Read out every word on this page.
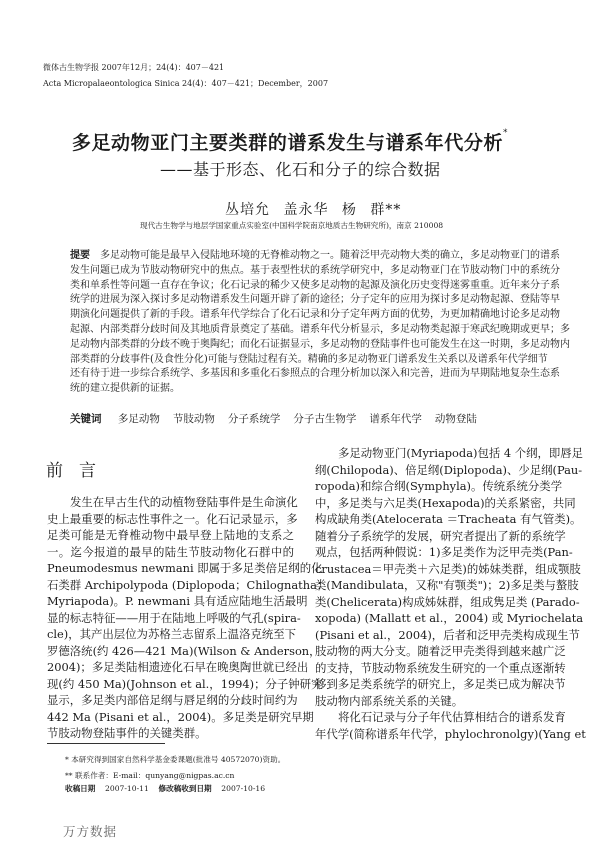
微体古生物学报 2007年12月；24(4)：407－421
Acta Micropalaeontologica Sinica 24(4)：407－421；December，2007
多足动物亚门主要类群的谱系发生与谱系年代分析*
——基于形态、化石和分子的综合数据
丛培允 盖永华 杨 群**
现代古生物学与地层学国家重点实验室(中国科学院南京地质古生物研究所)，南京 210008
提要  多足动物可能是最早入侵陆地环境的无脊椎动物之一。随着泛甲壳动物大类的确立，多足动物亚门的谱系
发生问题已成为节肢动物研究中的焦点。基于表型性状的系统学研究中，多足动物亚门在节肢动物门中的系统分
类和单系性等问题一直存在争议；化石记录的稀少又使多足动物的起源及演化历史变得迷雾重重。近年来分子系
统学的进展为深入探讨多足动物谱系发生问题开辟了新的途径；分子定年的应用为探讨多足动物起源、登陆等早
期演化问题提供了新的手段。谱系年代学综合了化石记录和分子定年两方面的优势，为更加精确地讨论多足动物
起源、内部类群分歧时间及其地质背景奠定了基础。谱系年代分析显示，多足动物类起源于寒武纪晚期或更早；多
足动物内部类群的分歧不晚于奥陶纪；而化石证据显示，多足动物的登陆事件也可能发生在这一时期，多足动物内
部类群的分歧事件(及食性分化)可能与登陆过程有关。精确的多足动物亚门谱系发生关系以及谱系年代学细节
还有待于进一步综合系统学、多基因和多重化石参照点的合理分析加以深入和完善，进而为早期陆地复杂生态系
统的建立提供新的证据。
关键词 多足动物 节肢动物 分子系统学 分子古生物学 谱系年代学 动物登陆
前言
发生在早古生代的动植物登陆事件是生命演化
史上最重要的标志性事件之一。化石记录显示，多
足类可能是无脊椎动物中最早登上陆地的支系之
一。迄今报道的最早的陆生节肢动物化石群中的
Pneumodesmus newmani 即属于多足类倍足纲的化
石类群 Archipolypoda (Diplopoda；Chilognatha；
Myriapoda)。P. newmani 具有适应陆地生活最明
显的标志特征——用于在陆地上呼吸的气孔(spira-
cle)，其产出层位为苏格兰志留系上温洛克统至下
罗德洛统(约 426—421 Ma)(Wilson & Anderson，
2004)；多足类陆相遗迹化石早在晚奥陶世就已经出
现(约 450 Ma)(Johnson et al.，1994)；分子钟研究
显示，多足类内部倍足纲与唇足纲的分歧时间约为
442 Ma (Pisani et al.，2004)。多足类是研究早期
节肢动物登陆事件的关键类群。
多足动物亚门(Myriapoda)包括 4 个纲，即唇足
纲(Chilopoda)、倍足纲(Diplopoda)、少足纲(Pau-
ropoda)和综合纲(Symphyla)。传统系统分类学
中，多足类与六足类(Hexapoda)的关系紧密，共同
构成缺角类(Atelocerata ＝Tracheata 有气管类)。
随着分子系统学的发展，研究者提出了新的系统学
观点，包括两种假说：1)多足类作为泛甲壳类(Pan-
crustacea＝甲壳类＋六足类)的姊妹类群，组成颚肢
类(Mandibulata，又称"有颚类")；2)多足类与螯肢
类(Chelicerata)构成姊妹群，组成隽足类 (Parado-
xopoda) (Mallatt et al.，2004) 或 Myriochelata
(Pisani et al.，2004)，后者和泛甲壳类构成现生节
肢动物的两大分支。随着泛甲壳类得到越来越广泛
的支持，节肢动物系统发生研究的一个重点逐渐转
移到多足类系统学的研究上，多足类已成为解决节
肢动物内部系统关系的关键。
将化石记录与分子年代估算相结合的谱系发育
年代学(简称谱系年代学，phylochronolgy)(Yang et
* 本研究得到国家自然科学基金委课题(批准号 40572070)资助。
** 联系作者：E-mail：qunyang@nigpas.ac.cn
收稿日期 2007-10-11 修改稿收到日期 2007-10-16
万方数据
